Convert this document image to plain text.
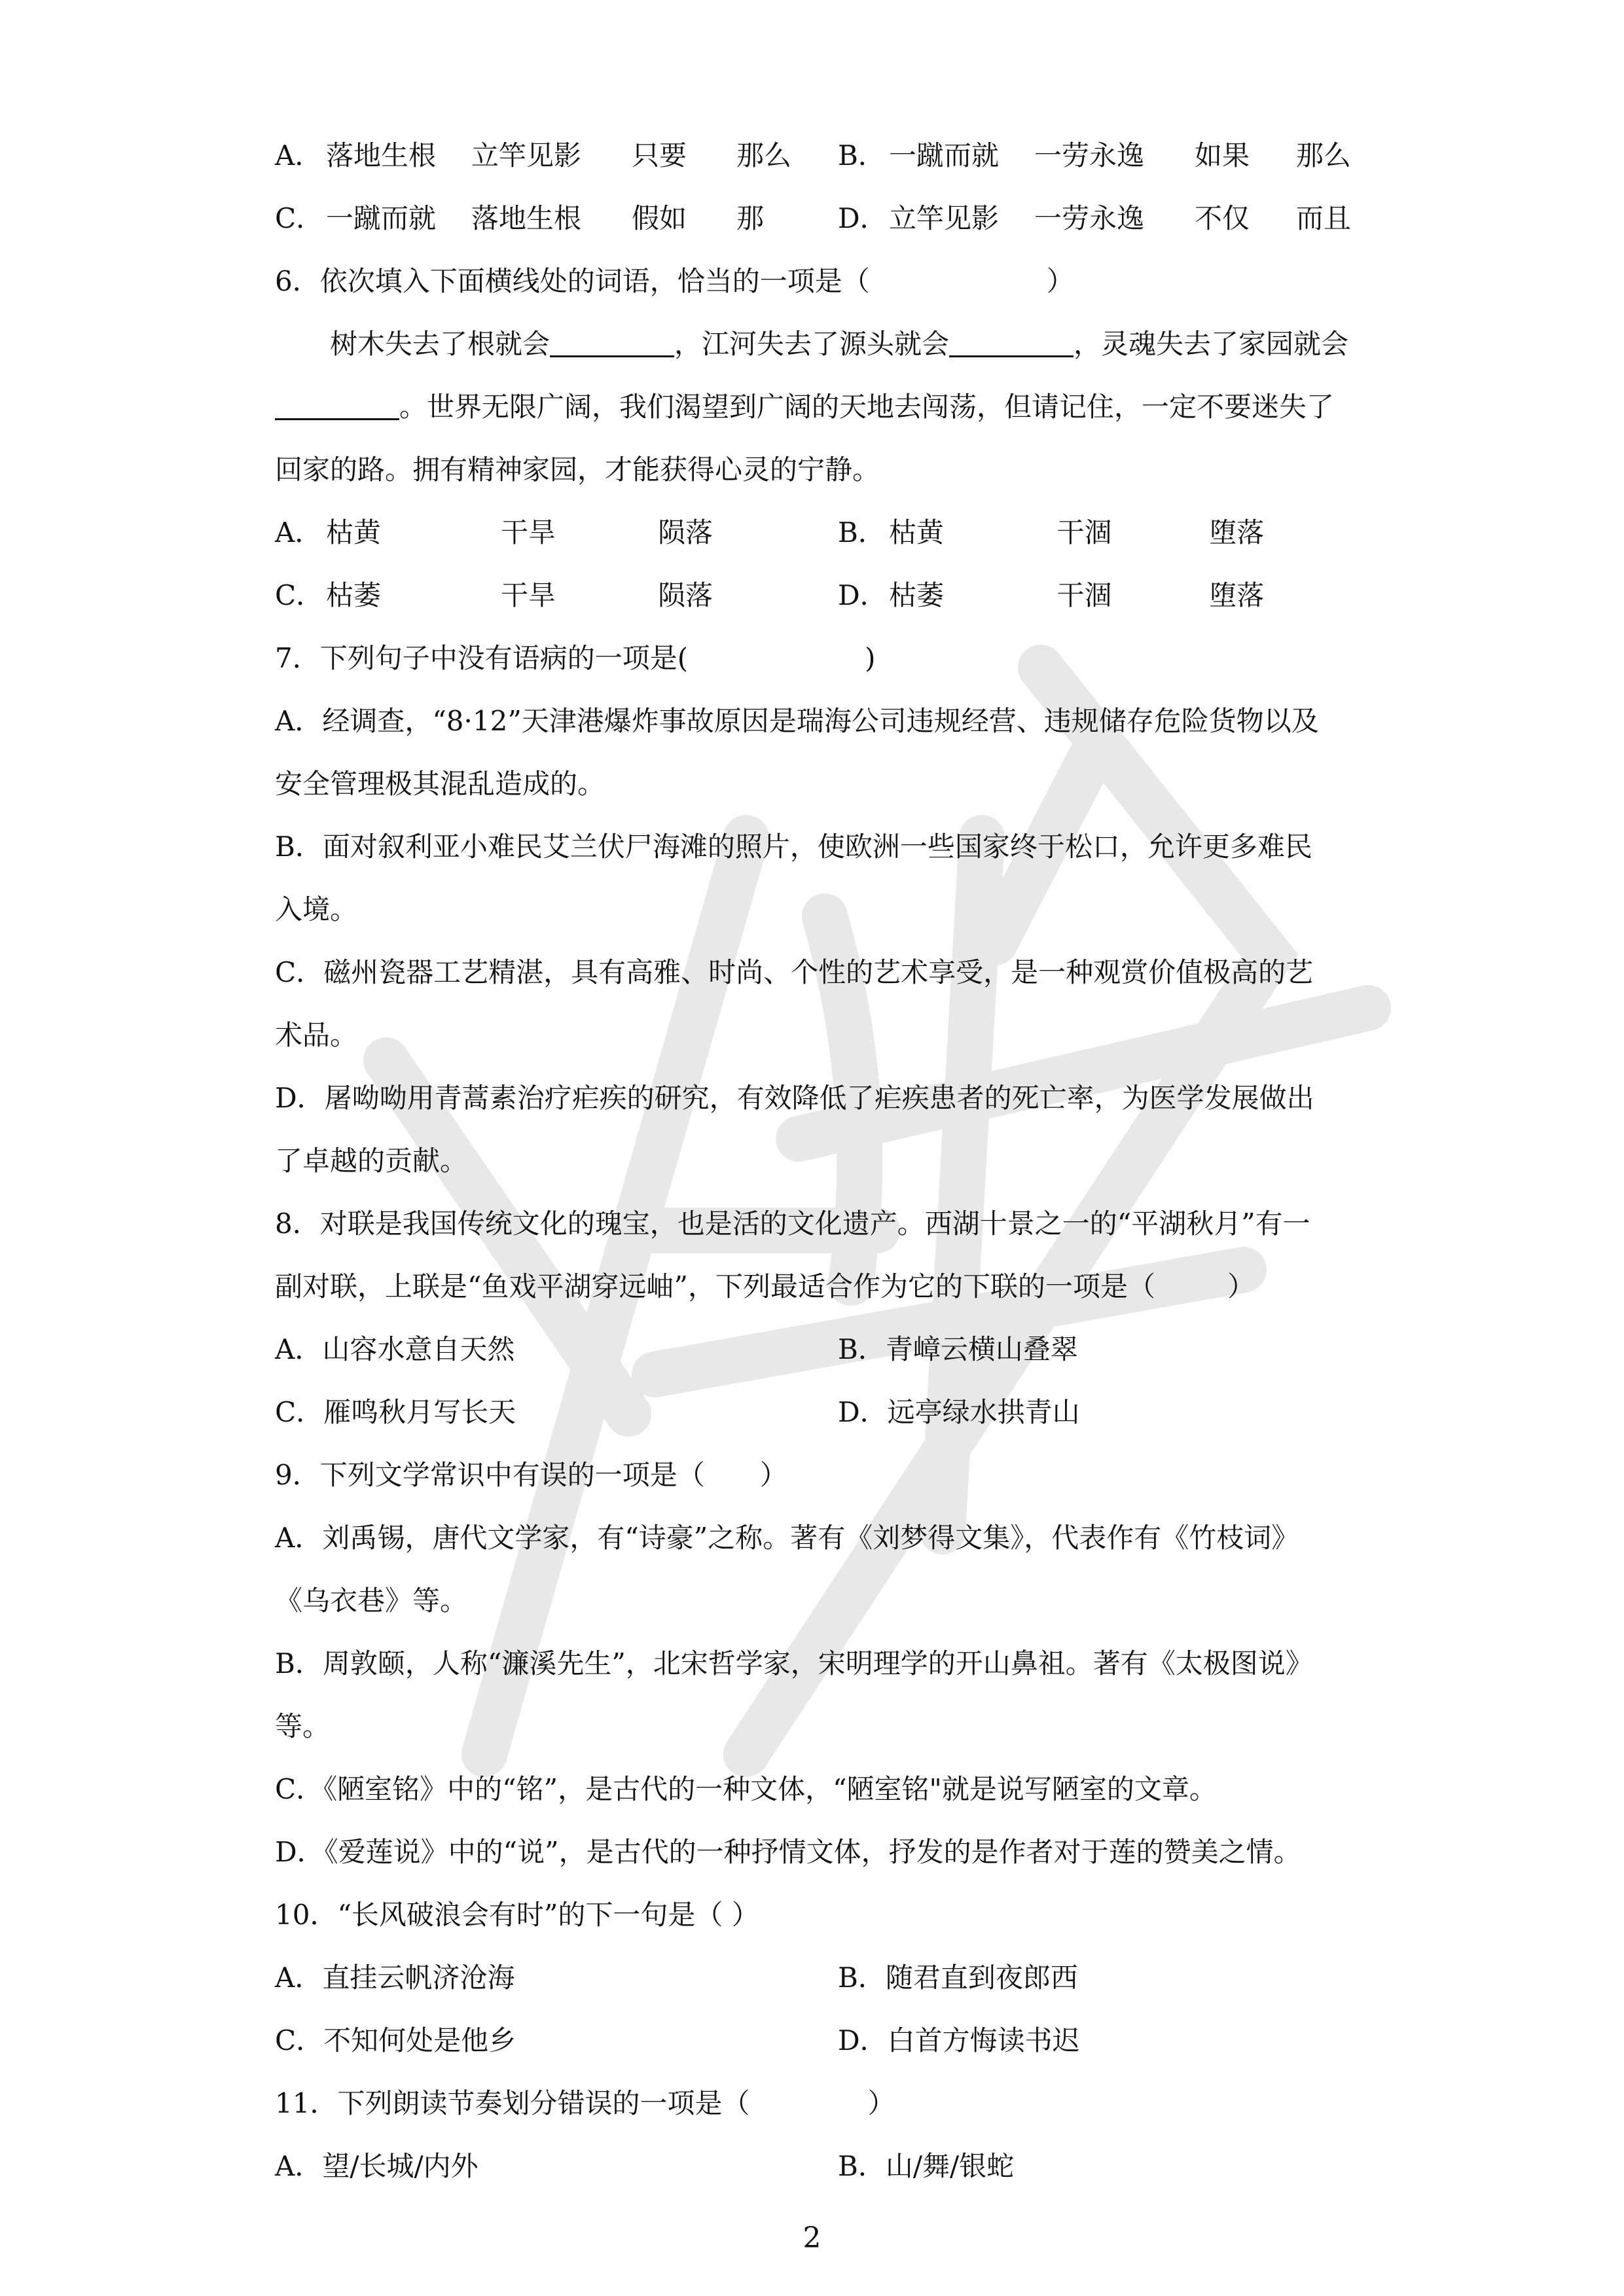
A． 落地生根	立竿见影	只要	那么	B． 一蹴而就	一劳永逸	如果	那么
C．一蹴而就	落地生根	假如	那	D．立竿见影	一劳永逸	不仅	而且
6．依次填入下面横线处的词语，恰当的一项是（	）
树木失去了根就会	，江河失去了源头就会	，灵魂失去了家园就会
。世界无限广阔，我们渴望到广阔的天地去闯荡，但请记住，一定不要迷失了
回家的路。拥有精神家园，才能获得心灵的宁静。
A． 枯黄	干旱	陨落	B． 枯黄	干涸	堕落
C．枯萎	干旱	陨落	D．枯萎	干涸	堕落
7．下列句子中没有语病的一项是(	)
A．经调查，“8·12”天津港爆炸事故原因是瑞海公司违规经营、违规储存危险货物以及
安全管理极其混乱造成的。
B．面对叙利亚小难民艾兰伏尸海滩的照片，使欧洲一些国家终于松口，允许更多难民
入境。
C．磁州瓷器工艺精湛，具有高雅、时尚、个性的艺术享受，是一种观赏价值极高的艺
术品。
D．屠呦呦用青蒿素治疗疟疾的研究，有效降低了疟疾患者的死亡率，为医学发展做出
了卓越的贡献。
8．对联是我国传统文化的瑰宝，也是活的文化遗产。西湖十景之一的“平湖秋月”有一
副对联，上联是“鱼戏平湖穿远岫”，下列最适合作为它的下联的一项是（	）
A．山容水意自天然	B．青嶂云横山叠翠
C．雁鸣秋月写长天	D．远亭绿水拱青山
9．下列文学常识中有误的一项是（　　）
A．刘禹锡，唐代文学家，有“诗豪”之称。著有《刘梦得文集》，代表作有《竹枝词》
《乌衣巷》等。
B．周敦颐，人称“濂溪先生”，北宋哲学家，宋明理学的开山鼻祖。著有《太极图说》
等。
C．《陋室铭》中的“铭”，是古代的一种文体，“陋室铭"就是说写陋室的文章。
D．《爱莲说》中的“说”，是古代的一种抒情文体，抒发的是作者对于莲的赞美之情。
10．“长风破浪会有时”的下一句是（ ）
A．直挂云帆济沧海	B．随君直到夜郎西
C．不知何处是他乡	D．白首方悔读书迟
11．下列朗读节奏划分错误的一项是（	）
A．望/长城/内外	B．山/舞/银蛇
2
